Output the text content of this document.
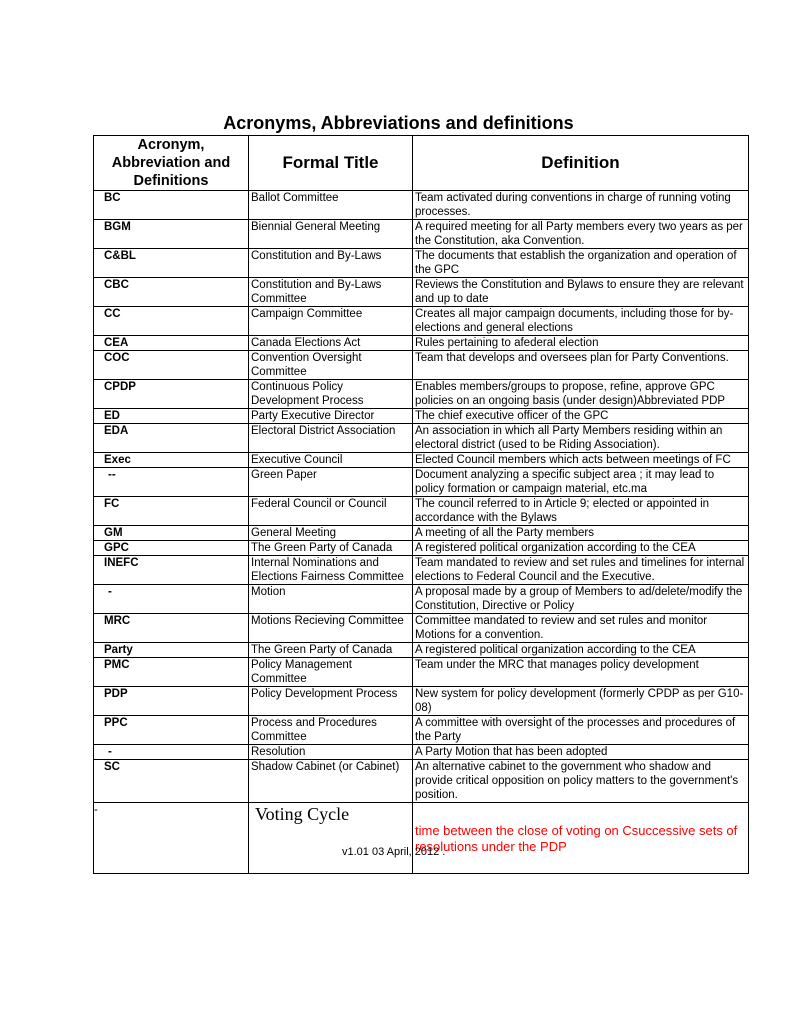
Acronyms, Abbreviations and definitions
Acronym, Abbreviation and Definitions	Formal Title	Definition
BC	Ballot Committee	Team activated during conventions in charge of running voting processes.
BGM	Biennial General Meeting	A required meeting for all Party members every two years as per the Constitution, aka Convention.
C&BL	Constitution and By-Laws	The documents that establish the organization and operation of the GPC
CBC	Constitution and By-Laws Committee	Reviews the Constitution and Bylaws to ensure they are relevant and up to date
CC	Campaign Committee	Creates all major campaign documents, including those for by-elections and general elections
CEA	Canada Elections Act	Rules pertaining to afederal election
COC	Convention Oversight Committee	Team that develops and oversees plan for Party Conventions.
CPDP	Continuous Policy Development Process	Enables members/groups to propose, refine, approve GPC policies on an ongoing basis (under design)Abbreviated PDP
ED	Party Executive Director	The chief executive officer of the GPC
EDA	Electoral District Association	An association in which all Party Members residing within an electoral district (used to be Riding Association).
Exec	Executive Council	Elected Council members which acts between meetings of FC
--	Green Paper	Document analyzing a specific subject area ; it may lead to policy formation or campaign material, etc.ma
FC	Federal Council or Council	The council referred to in Article 9; elected or appointed in accordance with the Bylaws
GM	General Meeting	A meeting of all the Party members
GPC	The Green Party of Canada	A registered political organization according to the CEA
INEFC	Internal Nominations and Elections Fairness Committee	Team mandated to review and set rules and timelines for internal elections to Federal Council and the Executive.
-	Motion	A proposal made by a group of Members to ad/delete/modify the Constitution, Directive or Policy
MRC	Motions Recieving Committee	Committee mandated to review and set rules and monitor Motions for a convention.
Party	The Green Party of Canada	A registered political organization according to the CEA
PMC	Policy Management Committee	Team under the MRC that manages policy development
PDP	Policy Development Process	New system for policy development (formerly CPDP as per G10-08)
PPC	Process and Procedures Committee	A committee with oversight of the processes and procedures of the Party
-	Resolution	A Party Motion that has been adopted
SC	Shadow Cabinet (or Cabinet)	An alternative cabinet to the government who shadow and provide critical opposition on policy matters to the government's position.
-	Voting Cycle	time between the close of voting on Csuccessive sets of resolutions under the PDP
v1.01 03 April, 2012 .
